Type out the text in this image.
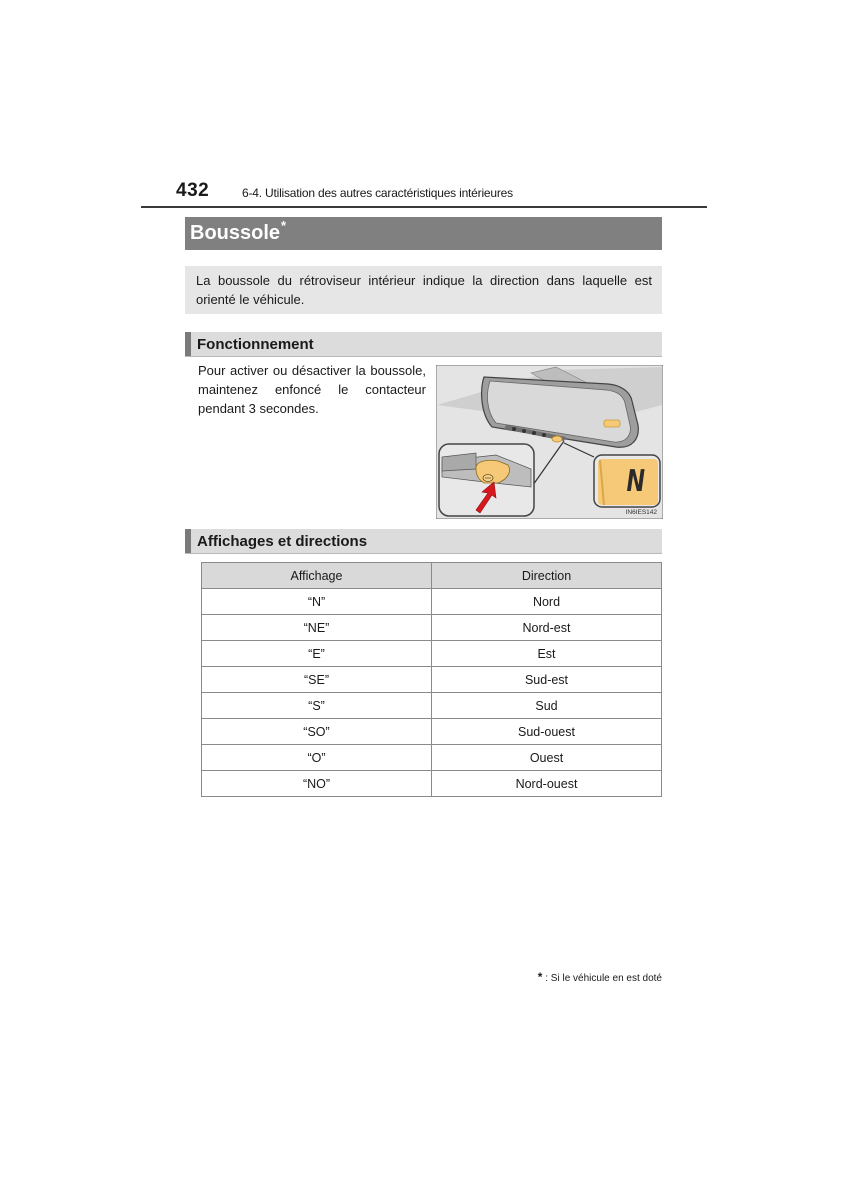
432	6-4. Utilisation des autres caractéristiques intérieures
Boussole *
La boussole du rétroviseur intérieur indique la direction dans laquelle est orienté le véhicule.
Fonctionnement
Pour activer ou désactiver la boussole, maintenez enfoncé le contacteur pendant 3 secondes.
N
IN6IES142
Affichages et directions
Affichage	Direction
“N”	Nord
“NE”	Nord-est
“E”	Est
“SE”	Sud-est
“S”	Sud
“SO”	Sud-ouest
“O”	Ouest
“NO”	Nord-ouest
* : Si le véhicule en est doté
